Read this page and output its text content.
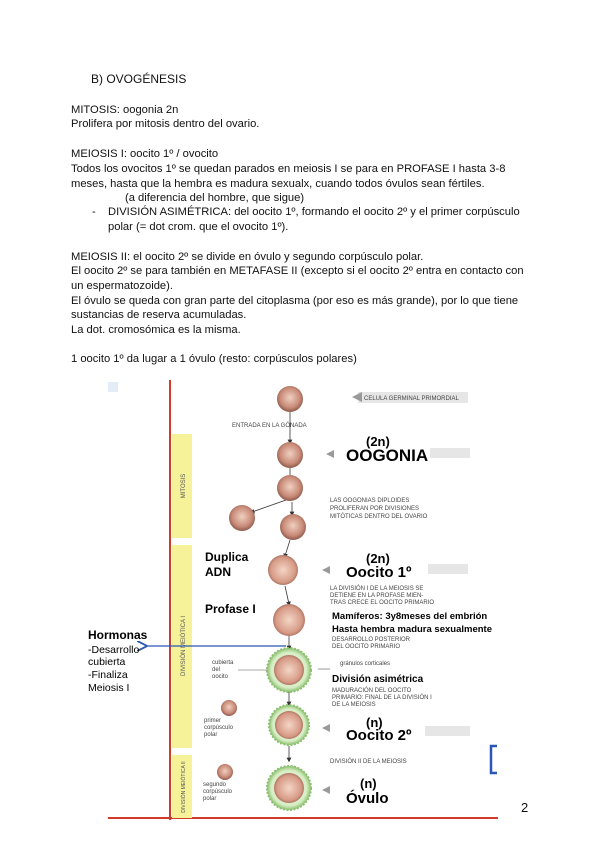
B) OVOGÉNESIS
MITOSIS: oogonia 2n
Prolifera por mitosis dentro del ovario.
MEIOSIS I: oocito 1º / ovocito
Todos los ovocitos 1º se quedan parados en meiosis I se para en PROFASE I hasta 3-8
meses, hasta que la hembra es madura sexualx, cuando todos óvulos sean fértiles.
(a diferencia del hombre, que sigue)
- DIVISIÓN ASIMÉTRICA: del oocito 1º, formando el oocito 2º y el primer corpúsculo
polar (= dot crom. que el ovocito 1º).
MEIOSIS II: el oocito 2º se divide en óvulo y segundo corpúsculo polar.
El oocito 2º se para también en METAFASE II (excepto si el oocito 2º entra en contacto con
un espermatozoide).
El óvulo se queda con gran parte del citoplasma (por eso es más grande), por lo que tiene
sustancias de reserva acumuladas.
La dot. cromosómica es la misma.
1 oocito 1º da lugar a 1 óvulo (resto: corpúsculos polares)
MITOSIS
DIVISIÓN MEIÓTICA I
DIVISIÓN MEIÓTICA II
CELULA GERMINAL PRIMORDIAL
ENTRADA EN LA GÓNADA
(2n)
OOGONIA
LAS OOGONIAS DIPLOIDES
PROLIFERAN POR DIVISIONES
MITÓTICAS DENTRO DEL OVARIO
Duplica
ADN
(2n)
Oocito 1º
LA DIVISIÓN I DE LA MEIOSIS SE
DETIENE EN LA PROFASE MIEN-
TRAS CRECE EL OOCITO PRIMARIO
Profase I
Mamíferos: 3y8meses del embrión
Hasta hembra madura sexualmente
DESARROLLO POSTERIOR
DEL OOCITO PRIMARIO
Hormonas
-Desarrollo
cubierta
-Finaliza
Meiosis I
cubierta
del
oocito
gránulos corticales
División asimétrica
MADURACIÓN DEL OOCITO
PRIMARIO: FINAL DE LA DIVISIÓN I
DE LA MEIOSIS
primer
corpúsculo
polar
(n)
Oocito 2º
DIVISIÓN II DE LA MEIOSIS
segundo
corpúsculo
polar
(n)
Óvulo
2
